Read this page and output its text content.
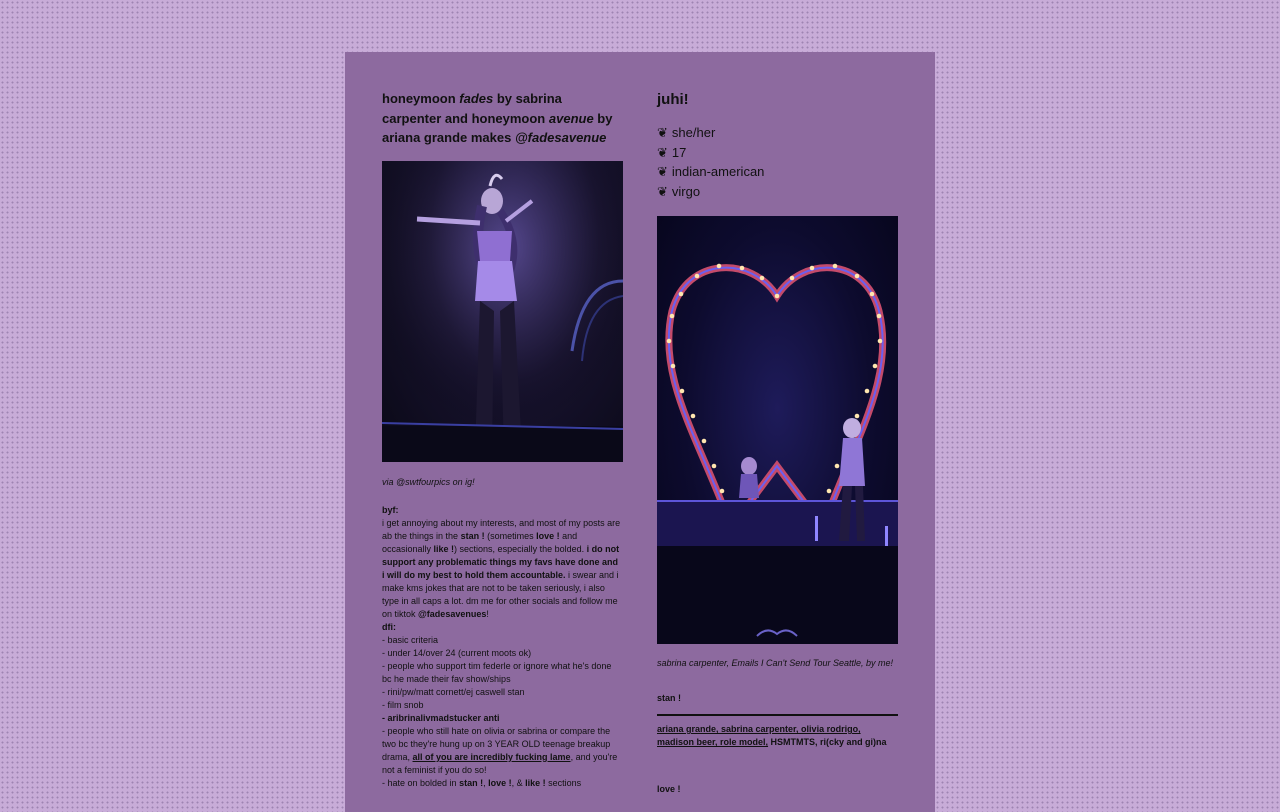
honeymoon fades by sabrina carpenter and honeymoon avenue by ariana grande makes @fadesavenue

via @swtfourpics on ig!
byf:
i get annoying about my interests, and most of my posts are ab the things in the stan ! (sometimes love ! and occasionally like !) sections, especially the bolded. i do not support any problematic things my favs have done and i will do my best to hold them accountable. i swear and i make kms jokes that are not to be taken seriously, i also type in all caps a lot. dm me for other socials and follow me on tiktok @fadesavenues!
dfi:
- basic criteria
- under 14/over 24 (current moots ok)
- people who support tim federle or ignore what he's done bc he made their fav show/ships
- rini/pw/matt cornett/ej caswell stan
- film snob
- aribrinalivmadstucker anti
- people who still hate on olivia or sabrina or compare the two bc they're hung up on 3 YEAR OLD teenage breakup drama, all of you are incredibly fucking lame, and you're not a feminist if you do so!
- hate on bolded in stan !, love !, & like ! sections

juhi!

❦ she/her
❦ 17
❦ indian-american
❦ virgo
sabrina carpenter, Emails I Can't Send Tour Seattle, by me!
stan !
ariana grande, sabrina carpenter, olivia rodrigo, madison beer, role model, HSMTMTS, ri(cky and gi)na
love !
